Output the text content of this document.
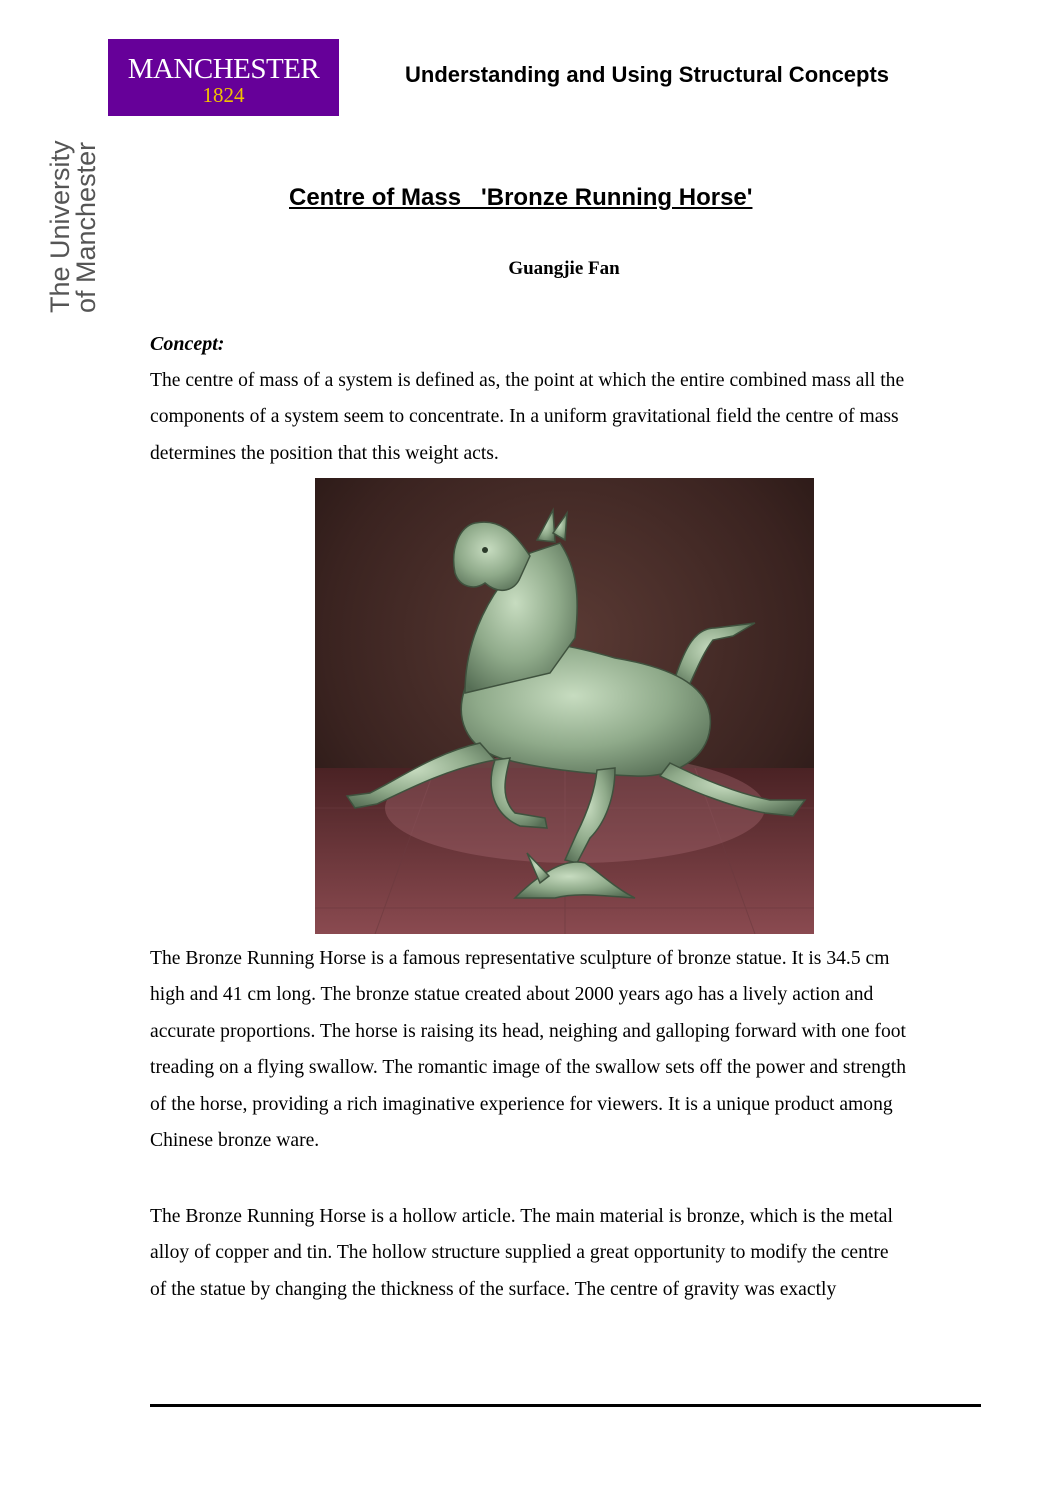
MANCHESTER
1824
The University
of Manchester
Understanding and Using Structural Concepts
Centre of Mass   'Bronze Running Horse'
Guangjie Fan
Concept:

The centre of mass of a system is defined as, the point at which the entire combined mass all the
components of a system seem to concentrate. In a uniform gravitational field the centre of mass
determines the position that this weight acts.

The Bronze Running Horse is a famous representative sculpture of bronze statue. It is 34.5 cm
high and 41 cm long. The bronze statue created about 2000 years ago has a lively action and
accurate proportions. The horse is raising its head, neighing and galloping forward with one foot
treading on a flying swallow. The romantic image of the swallow sets off the power and strength
of the horse, providing a rich imaginative experience for viewers. It is a unique product among
Chinese bronze ware.

The Bronze Running Horse is a hollow article. The main material is bronze, which is the metal
alloy of copper and tin. The hollow structure supplied a great opportunity to modify the centre
of the statue by changing the thickness of the surface. The centre of gravity was exactly
